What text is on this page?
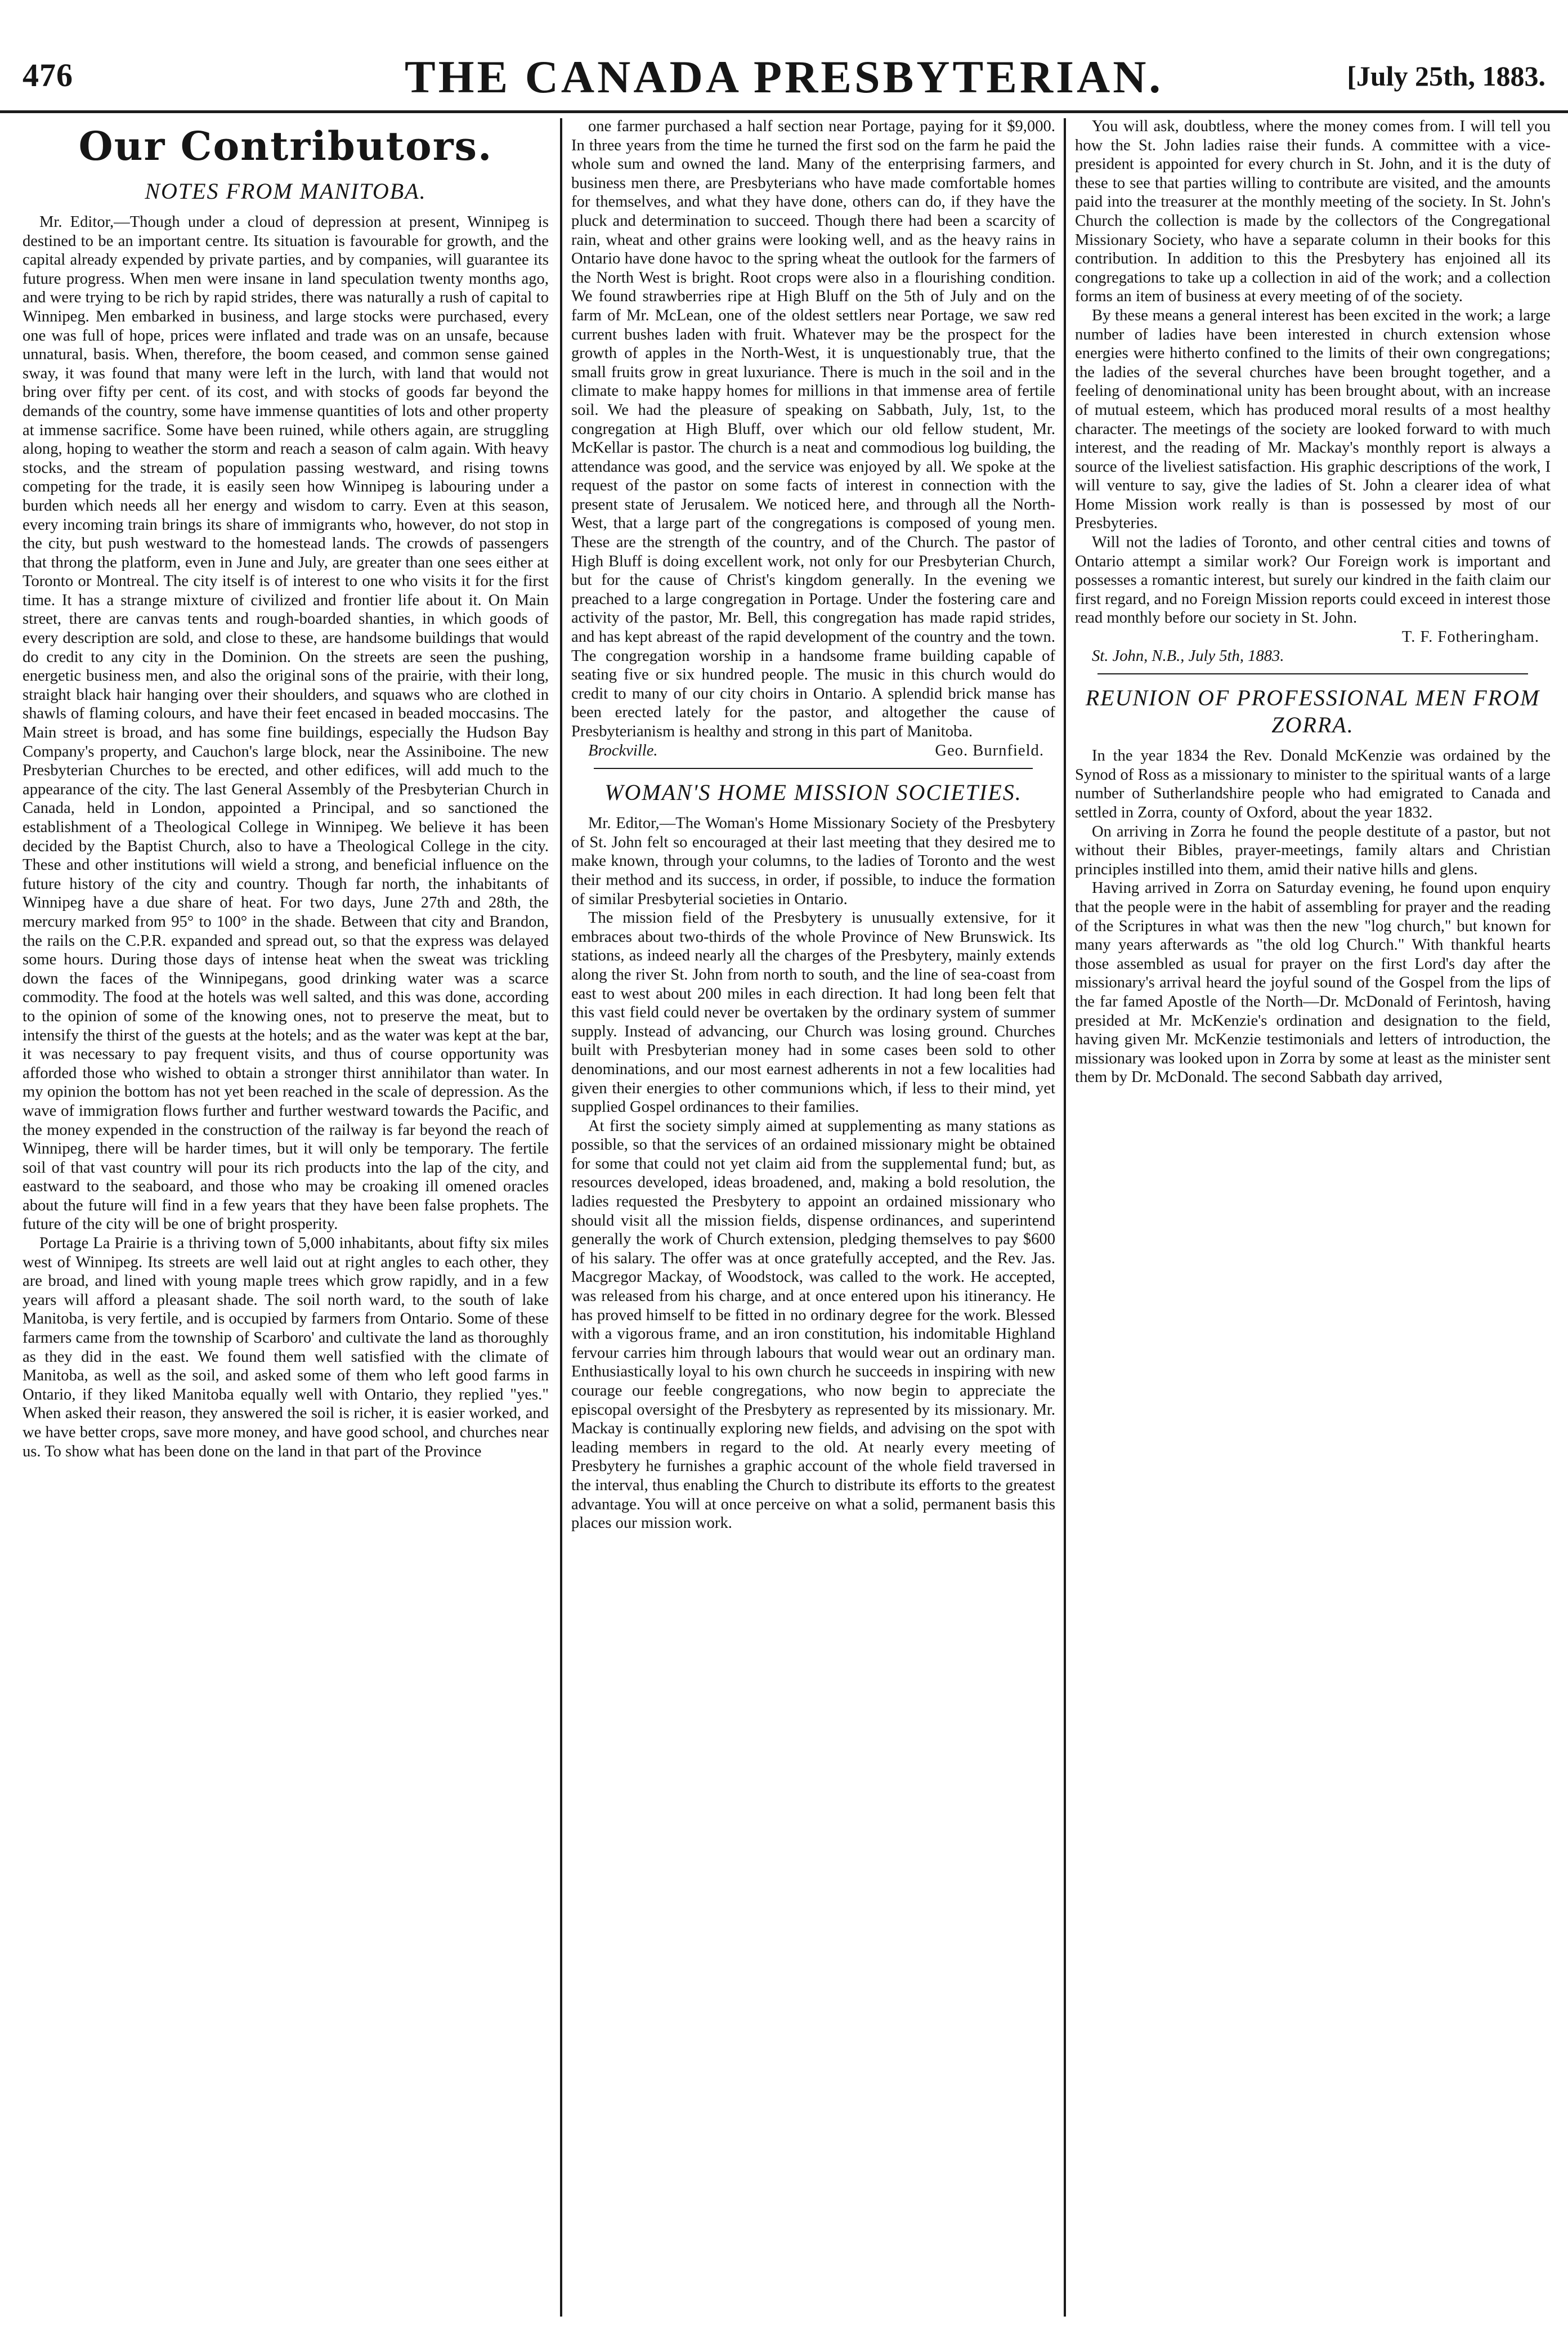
476	THE CANADA PRESBYTERIAN.	[July 25th, 1883.
Our Contributors.
NOTES FROM MANITOBA.

Mr. Editor,—Though under a cloud of depression at present, Winnipeg is destined to be an important centre. Its situation is favourable for growth, and the capital already expended by private parties, and by companies, will guarantee its future progress. When men were insane in land speculation twenty months ago, and were trying to be rich by rapid strides, there was naturally a rush of capital to Winnipeg. Men embarked in business, and large stocks were purchased, every one was full of hope, prices were inflated and trade was on an unsafe, because unnatural, basis. When, therefore, the boom ceased, and common sense gained sway, it was found that many were left in the lurch, with land that would not bring over fifty per cent. of its cost, and with stocks of goods far beyond the demands of the country, some have immense quantities of lots and other property at immense sacrifice. Some have been ruined, while others again, are struggling along, hoping to weather the storm and reach a season of calm again. With heavy stocks, and the stream of population passing westward, and rising towns competing for the trade, it is easily seen how Winnipeg is labouring under a burden which needs all her energy and wisdom to carry. Even at this season, every incoming train brings its share of immigrants who, however, do not stop in the city, but push westward to the homestead lands. The crowds of passengers that throng the platform, even in June and July, are greater than one sees either at Toronto or Montreal. The city itself is of interest to one who visits it for the first time. It has a strange mixture of civilized and frontier life about it. On Main street, there are canvas tents and rough-boarded shanties, in which goods of every description are sold, and close to these, are handsome buildings that would do credit to any city in the Dominion. On the streets are seen the pushing, energetic business men, and also the original sons of the prairie, with their long, straight black hair hanging over their shoulders, and squaws who are clothed in shawls of flaming colours, and have their feet encased in beaded moccasins. The Main street is broad, and has some fine buildings, especially the Hudson Bay Company's property, and Cauchon's large block, near the Assiniboine. The new Presbyterian Churches to be erected, and other edifices, will add much to the appearance of the city. The last General Assembly of the Presbyterian Church in Canada, held in London, appointed a Principal, and so sanctioned the establishment of a Theological College in Winnipeg. We believe it has been decided by the Baptist Church, also to have a Theological College in the city. These and other institutions will wield a strong, and beneficial influence on the future history of the city and country. Though far north, the inhabitants of Winnipeg have a due share of heat. For two days, June 27th and 28th, the mercury marked from 95° to 100° in the shade. Between that city and Brandon, the rails on the C.P.R. expanded and spread out, so that the express was delayed some hours. During those days of intense heat when the sweat was trickling down the faces of the Winnipegans, good drinking water was a scarce commodity. The food at the hotels was well salted, and this was done, according to the opinion of some of the knowing ones, not to preserve the meat, but to intensify the thirst of the guests at the hotels; and as the water was kept at the bar, it was necessary to pay frequent visits, and thus of course opportunity was afforded those who wished to obtain a stronger thirst annihilator than water. In my opinion the bottom has not yet been reached in the scale of depression. As the wave of immigration flows further and further westward towards the Pacific, and the money expended in the construction of the railway is far beyond the reach of Winnipeg, there will be harder times, but it will only be temporary. The fertile soil of that vast country will pour its rich products into the lap of the city, and eastward to the seaboard, and those who may be croaking ill omened oracles about the future will find in a few years that they have been false prophets. The future of the city will be one of bright prosperity.

Portage La Prairie is a thriving town of 5,000 inhabitants, about fifty six miles west of Winnipeg. Its streets are well laid out at right angles to each other, they are broad, and lined with young maple trees which grow rapidly, and in a few years will afford a pleasant shade. The soil north ward, to the south of lake Manitoba, is very fertile, and is occupied by farmers from Ontario. Some of these farmers came from the township of Scarboro' and cultivate the land as thoroughly as they did in the east. We found them well satisfied with the climate of Manitoba, as well as the soil, and asked some of them who left good farms in Ontario, if they liked Manitoba equally well with Ontario, they replied "yes." When asked their reason, they answered the soil is richer, it is easier worked, and we have better crops, save more money, and have good school, and churches near us. To show what has been done on the land in that part of the Province

one farmer purchased a half section near Portage, paying for it $9,000. In three years from the time he turned the first sod on the farm he paid the whole sum and owned the land. Many of the enterprising farmers, and business men there, are Presbyterians who have made comfortable homes for themselves, and what they have done, others can do, if they have the pluck and determination to succeed. Though there had been a scarcity of rain, wheat and other grains were looking well, and as the heavy rains in Ontario have done havoc to the spring wheat the outlook for the farmers of the North West is bright. Root crops were also in a flourishing condition. We found strawberries ripe at High Bluff on the 5th of July and on the farm of Mr. McLean, one of the oldest settlers near Portage, we saw red current bushes laden with fruit. Whatever may be the prospect for the growth of apples in the North-West, it is unquestionably true, that the small fruits grow in great luxuriance. There is much in the soil and in the climate to make happy homes for millions in that immense area of fertile soil. We had the pleasure of speaking on Sabbath, July, 1st, to the congregation at High Bluff, over which our old fellow student, Mr. McKellar is pastor. The church is a neat and commodious log building, the attendance was good, and the service was enjoyed by all. We spoke at the request of the pastor on some facts of interest in connection with the present state of Jerusalem. We noticed here, and through all the North-West, that a large part of the congregations is composed of young men. These are the strength of the country, and of the Church. The pastor of High Bluff is doing excellent work, not only for our Presbyterian Church, but for the cause of Christ's kingdom generally. In the evening we preached to a large congregation in Portage. Under the fostering care and activity of the pastor, Mr. Bell, this congregation has made rapid strides, and has kept abreast of the rapid development of the country and the town. The congregation worship in a handsome frame building capable of seating five or six hundred people. The music in this church would do credit to many of our city choirs in Ontario. A splendid brick manse has been erected lately for the pastor, and altogether the cause of Presbyterianism is healthy and strong in this part of Manitoba.

Brockville.	Geo. Burnfield.
WOMAN'S HOME MISSION SOCIETIES.

Mr. Editor,—The Woman's Home Missionary Society of the Presbytery of St. John felt so encouraged at their last meeting that they desired me to make known, through your columns, to the ladies of Toronto and the west their method and its success, in order, if possible, to induce the formation of similar Presbyterial societies in Ontario.

The mission field of the Presbytery is unusually extensive, for it embraces about two-thirds of the whole Province of New Brunswick. Its stations, as indeed nearly all the charges of the Presbytery, mainly extends along the river St. John from north to south, and the line of sea-coast from east to west about 200 miles in each direction. It had long been felt that this vast field could never be overtaken by the ordinary system of summer supply. Instead of advancing, our Church was losing ground. Churches built with Presbyterian money had in some cases been sold to other denominations, and our most earnest adherents in not a few localities had given their energies to other communions which, if less to their mind, yet supplied Gospel ordinances to their families.

At first the society simply aimed at supplementing as many stations as possible, so that the services of an ordained missionary might be obtained for some that could not yet claim aid from the supplemental fund; but, as resources developed, ideas broadened, and, making a bold resolution, the ladies requested the Presbytery to appoint an ordained missionary who should visit all the mission fields, dispense ordinances, and superintend generally the work of Church extension, pledging themselves to pay $600 of his salary. The offer was at once gratefully accepted, and the Rev. Jas. Macgregor Mackay, of Woodstock, was called to the work. He accepted, was released from his charge, and at once entered upon his itinerancy. He has proved himself to be fitted in no ordinary degree for the work. Blessed with a vigorous frame, and an iron constitution, his indomitable Highland fervour carries him through labours that would wear out an ordinary man. Enthusiastically loyal to his own church he succeeds in inspiring with new courage our feeble congregations, who now begin to appreciate the episcopal oversight of the Presbytery as represented by its missionary. Mr. Mackay is continually exploring new fields, and advising on the spot with leading members in regard to the old. At nearly every meeting of Presbytery he furnishes a graphic account of the whole field traversed in the interval, thus enabling the Church to distribute its efforts to the greatest advantage. You will at once perceive on what a solid, permanent basis this places our mission work.

You will ask, doubtless, where the money comes from. I will tell you how the St. John ladies raise their funds. A committee with a vice-president is appointed for every church in St. John, and it is the duty of these to see that parties willing to contribute are visited, and the amounts paid into the treasurer at the monthly meeting of the society. In St. John's Church the collection is made by the collectors of the Congregational Missionary Society, who have a separate column in their books for this contribution. In addition to this the Presbytery has enjoined all its congregations to take up a collection in aid of the work; and a collection forms an item of business at every meeting of of the society.

By these means a general interest has been excited in the work; a large number of ladies have been interested in church extension whose energies were hitherto confined to the limits of their own congregations; the ladies of the several churches have been brought together, and a feeling of denominational unity has been brought about, with an increase of mutual esteem, which has produced moral results of a most healthy character. The meetings of the society are looked forward to with much interest, and the reading of Mr. Mackay's monthly report is always a source of the liveliest satisfaction. His graphic descriptions of the work, I will venture to say, give the ladies of St. John a clearer idea of what Home Mission work really is than is possessed by most of our Presbyteries.

Will not the ladies of Toronto, and other central cities and towns of Ontario attempt a similar work? Our Foreign work is important and possesses a romantic interest, but surely our kindred in the faith claim our first regard, and no Foreign Mission reports could exceed in interest those read monthly before our society in St. John.

T. F. Fotheringham.
St. John, N.B., July 5th, 1883.
REUNION OF PROFESSIONAL MEN FROM ZORRA.

In the year 1834 the Rev. Donald McKenzie was ordained by the Synod of Ross as a missionary to minister to the spiritual wants of a large number of Sutherlandshire people who had emigrated to Canada and settled in Zorra, county of Oxford, about the year 1832.

On arriving in Zorra he found the people destitute of a pastor, but not without their Bibles, prayer-meetings, family altars and Christian principles instilled into them, amid their native hills and glens.

Having arrived in Zorra on Saturday evening, he found upon enquiry that the people were in the habit of assembling for prayer and the reading of the Scriptures in what was then the new "log church," but known for many years afterwards as "the old log Church." With thankful hearts those assembled as usual for prayer on the first Lord's day after the missionary's arrival heard the joyful sound of the Gospel from the lips of the far famed Apostle of the North—Dr. McDonald of Ferintosh, having presided at Mr. McKenzie's ordination and designation to the field, having given Mr. McKenzie testimonials and letters of introduction, the missionary was looked upon in Zorra by some at least as the minister sent them by Dr. McDonald. The second Sabbath day arrived,
